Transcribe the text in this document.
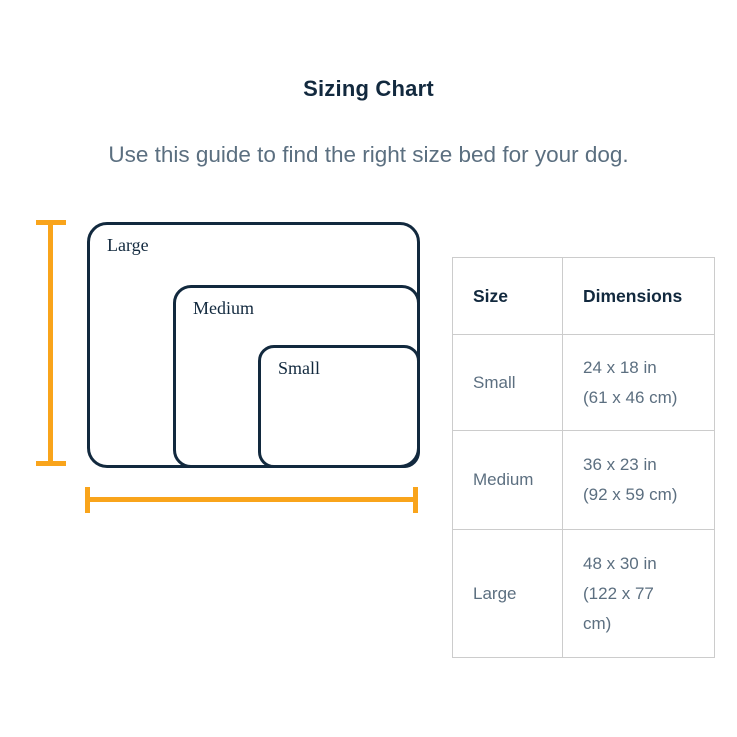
Sizing Chart

Use this guide to find the right size bed for your dog.

Large
Medium
Small
Size	Dimensions
Small	24 x 18 in
(61 x 46 cm)

Medium	36 x 23 in
(92 x 59 cm)

Large	48 x 30 in
(122 x 77
cm)
